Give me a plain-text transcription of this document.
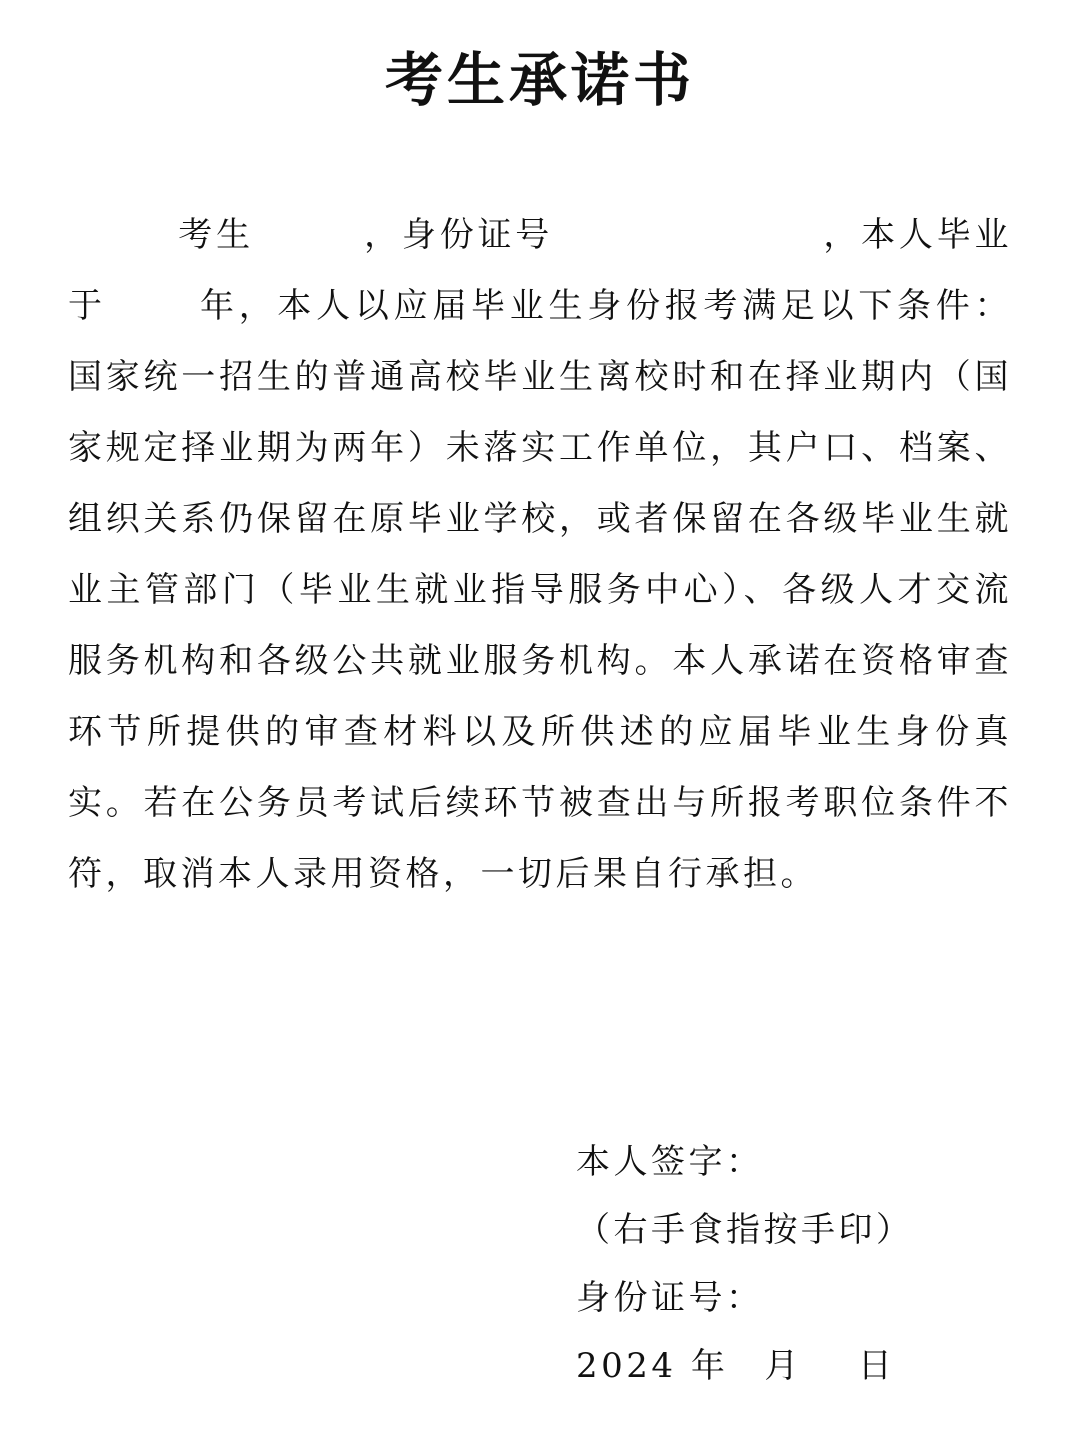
考生承诺书
考生	，身份证号	，本人毕业于	年，本人以应届毕业生身份报考满足以下条件：国家统一招生的普通高校毕业生离校时和在择业期内（国家规定择业期为两年）未落实工作单位，其户口、档案、组织关系仍保留在原毕业学校，或者保留在各级毕业生就业主管部门（毕业生就业指导服务中心）、各级人才交流服务机构和各级公共就业服务机构。本人承诺在资格审查环节所提供的审查材料以及所供述的应届毕业生身份真实。若在公务员考试后续环节被查出与所报考职位条件不符，取消本人录用资格，一切后果自行承担。
本人签字：
（右手食指按手印）
身份证号：
2024 年 月 日
